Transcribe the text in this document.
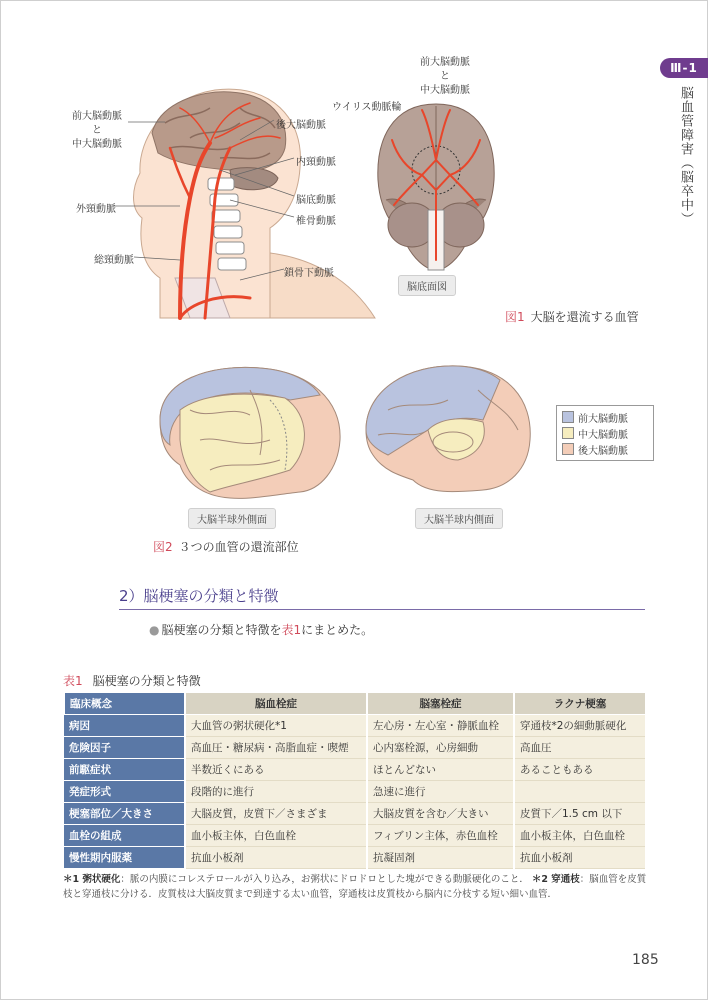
Ⅲ-1
脳血管障害（脳卒中）
前大脳動脈
と
中大脳動脈
外頸動脈
総頸動脈
後大脳動脈
内頸動脈
脳底動脈
椎骨動脈
鎖骨下動脈
ウイリス動脈輪
前大脳動脈
と
中大脳動脈
脳底面図
図1 大脳を還流する血管
前大脳動脈
中大脳動脈
後大脳動脈
大脳半球外側面	大脳半球内側面
図2 ３つの血管の還流部位
2）脳梗塞の分類と特徴
● 脳梗塞の分類と特徴を表1にまとめた。
表1 脳梗塞の分類と特徴
臨床概念	脳血栓症	脳塞栓症	ラクナ梗塞
病因	大血管の粥状硬化*1	左心房・左心室・静脈血栓	穿通枝*2の細動脈硬化
危険因子	高血圧・糖尿病・高脂血症・喫煙	心内塞栓源，心房細動	高血圧
前駆症状	半数近くにある	ほとんどない	あることもある
発症形式	段階的に進行	急速に進行	
梗塞部位／大きさ	大脳皮質，皮質下／さまざま	大脳皮質を含む／大きい	皮質下／1.5 cm 以下
血栓の組成	血小板主体，白色血栓	フィブリン主体，赤色血栓	血小板主体，白色血栓
慢性期内服薬	抗血小板剤	抗凝固剤	抗血小板剤
＊1 粥状硬化：脈の内膜にコレステロールが入り込み，お粥状にドロドロとした塊ができる動脈硬化のこと． ＊2 穿通枝：脳血管を皮質枝と穿通枝に分ける．皮質枝は大脳皮質まで到達する太い血管，穿通枝は皮質枝から脳内に分枝する短い細い血管．
185
